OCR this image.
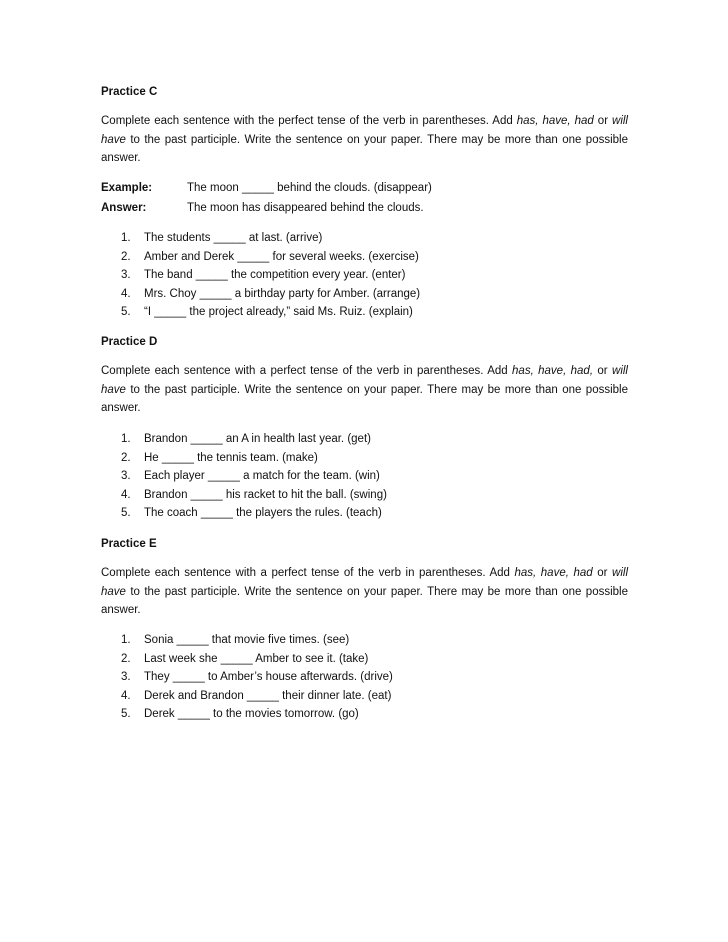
Practice C

Complete each sentence with the perfect tense of the verb in parentheses. Add has, have, had or will have to the past participle. Write the sentence on your paper. There may be more than one possible answer.

Example:	The moon _____ behind the clouds. (disappear)
Answer:	The moon has disappeared behind the clouds.
1.	The students _____ at last. (arrive)
2.	Amber and Derek _____ for several weeks. (exercise)
3.	The band _____ the competition every year. (enter)
4.	Mrs. Choy _____ a birthday party for Amber. (arrange)
5.	“I _____ the project already,” said Ms. Ruiz. (explain)
Practice D

Complete each sentence with a perfect tense of the verb in parentheses. Add has, have, had, or will have to the past participle. Write the sentence on your paper. There may be more than one possible answer.

1.	Brandon _____ an A in health last year. (get)
2.	He _____ the tennis team. (make)
3.	Each player _____ a match for the team. (win)
4.	Brandon _____ his racket to hit the ball. (swing)
5.	The coach _____ the players the rules. (teach)
Practice E

Complete each sentence with a perfect tense of the verb in parentheses. Add has, have, had or will have to the past participle. Write the sentence on your paper. There may be more than one possible answer.

1.	Sonia _____ that movie five times. (see)
2.	Last week she _____ Amber to see it. (take)
3.	They _____ to Amber’s house afterwards. (drive)
4.	Derek and Brandon _____ their dinner late. (eat)
5.	Derek _____ to the movies tomorrow. (go)
